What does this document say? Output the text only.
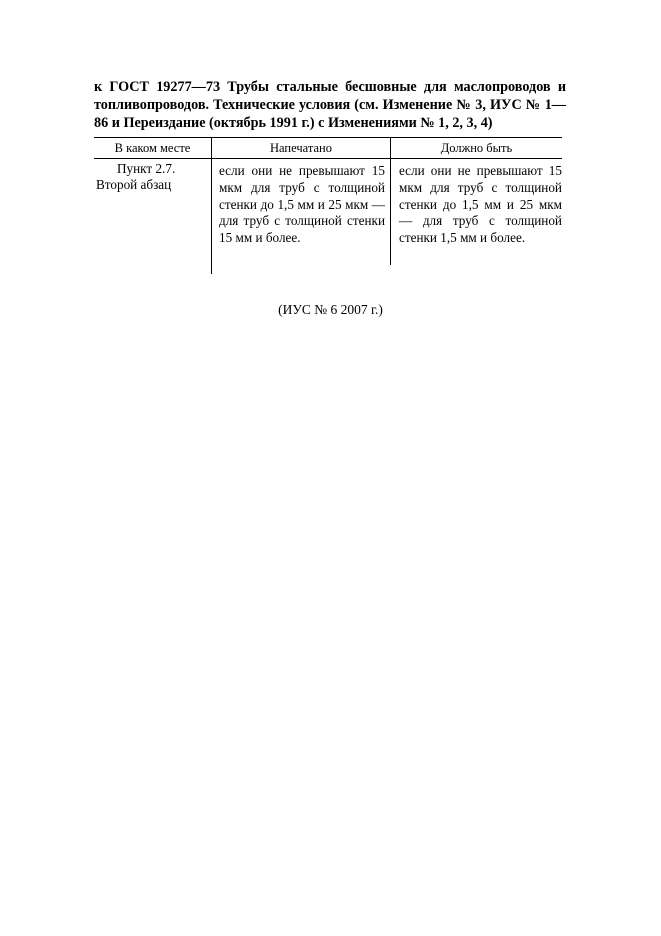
к ГОСТ 19277—73 Трубы стальные бесшовные для маслопроводов и топливопроводов. Технические условия (см. Изменение № 3, ИУС № 1—86 и Переиздание (октябрь 1991 г.) с Изменениями № 1, 2, 3, 4)
В каком месте	Напечатано	Должно быть
Пункт 2.7.
Второй абзац
если они не превышают 15 мкм для труб с толщиной стенки до 1,5 мм и 25 мкм — для труб с толщиной стенки 15 мм и более.
если они не превышают 15 мкм для труб с толщиной стенки до 1,5 мм и 25 мкм — для труб с толщиной стенки 1,5 мм и более.
(ИУС № 6 2007 г.)
